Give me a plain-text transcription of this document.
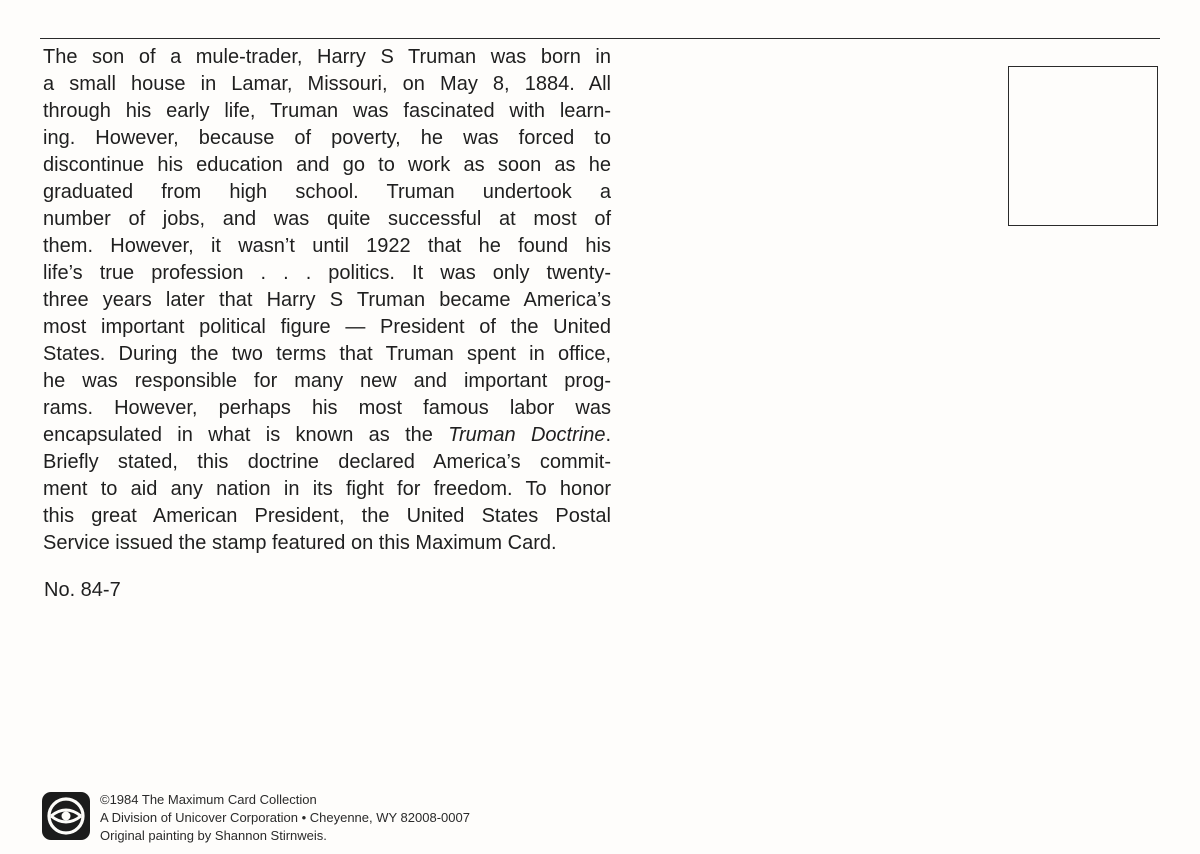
The son of a mule-trader, Harry S Truman was born in
a small house in Lamar, Missouri, on May 8, 1884. All
through his early life, Truman was fascinated with learn-
ing. However, because of poverty, he was forced to
discontinue his education and go to work as soon as he
graduated from high school. Truman undertook a
number of jobs, and was quite successful at most of
them. However, it wasn’t until 1922 that he found his
life’s true profession . . . politics. It was only twenty-
three years later that Harry S Truman became America’s
most important political figure — President of the United
States. During the two terms that Truman spent in office,
he was responsible for many new and important prog-
rams. However, perhaps his most famous labor was
encapsulated in what is known as the Truman Doctrine.
Briefly stated, this doctrine declared America’s commit-
ment to aid any nation in its fight for freedom. To honor
this great American President, the United States Postal
Service issued the stamp featured on this Maximum Card.

No. 84-7

©1984 The Maximum Card Collection
A Division of Unicover Corporation • Cheyenne, WY 82008-0007
Original painting by Shannon Stirnweis.
